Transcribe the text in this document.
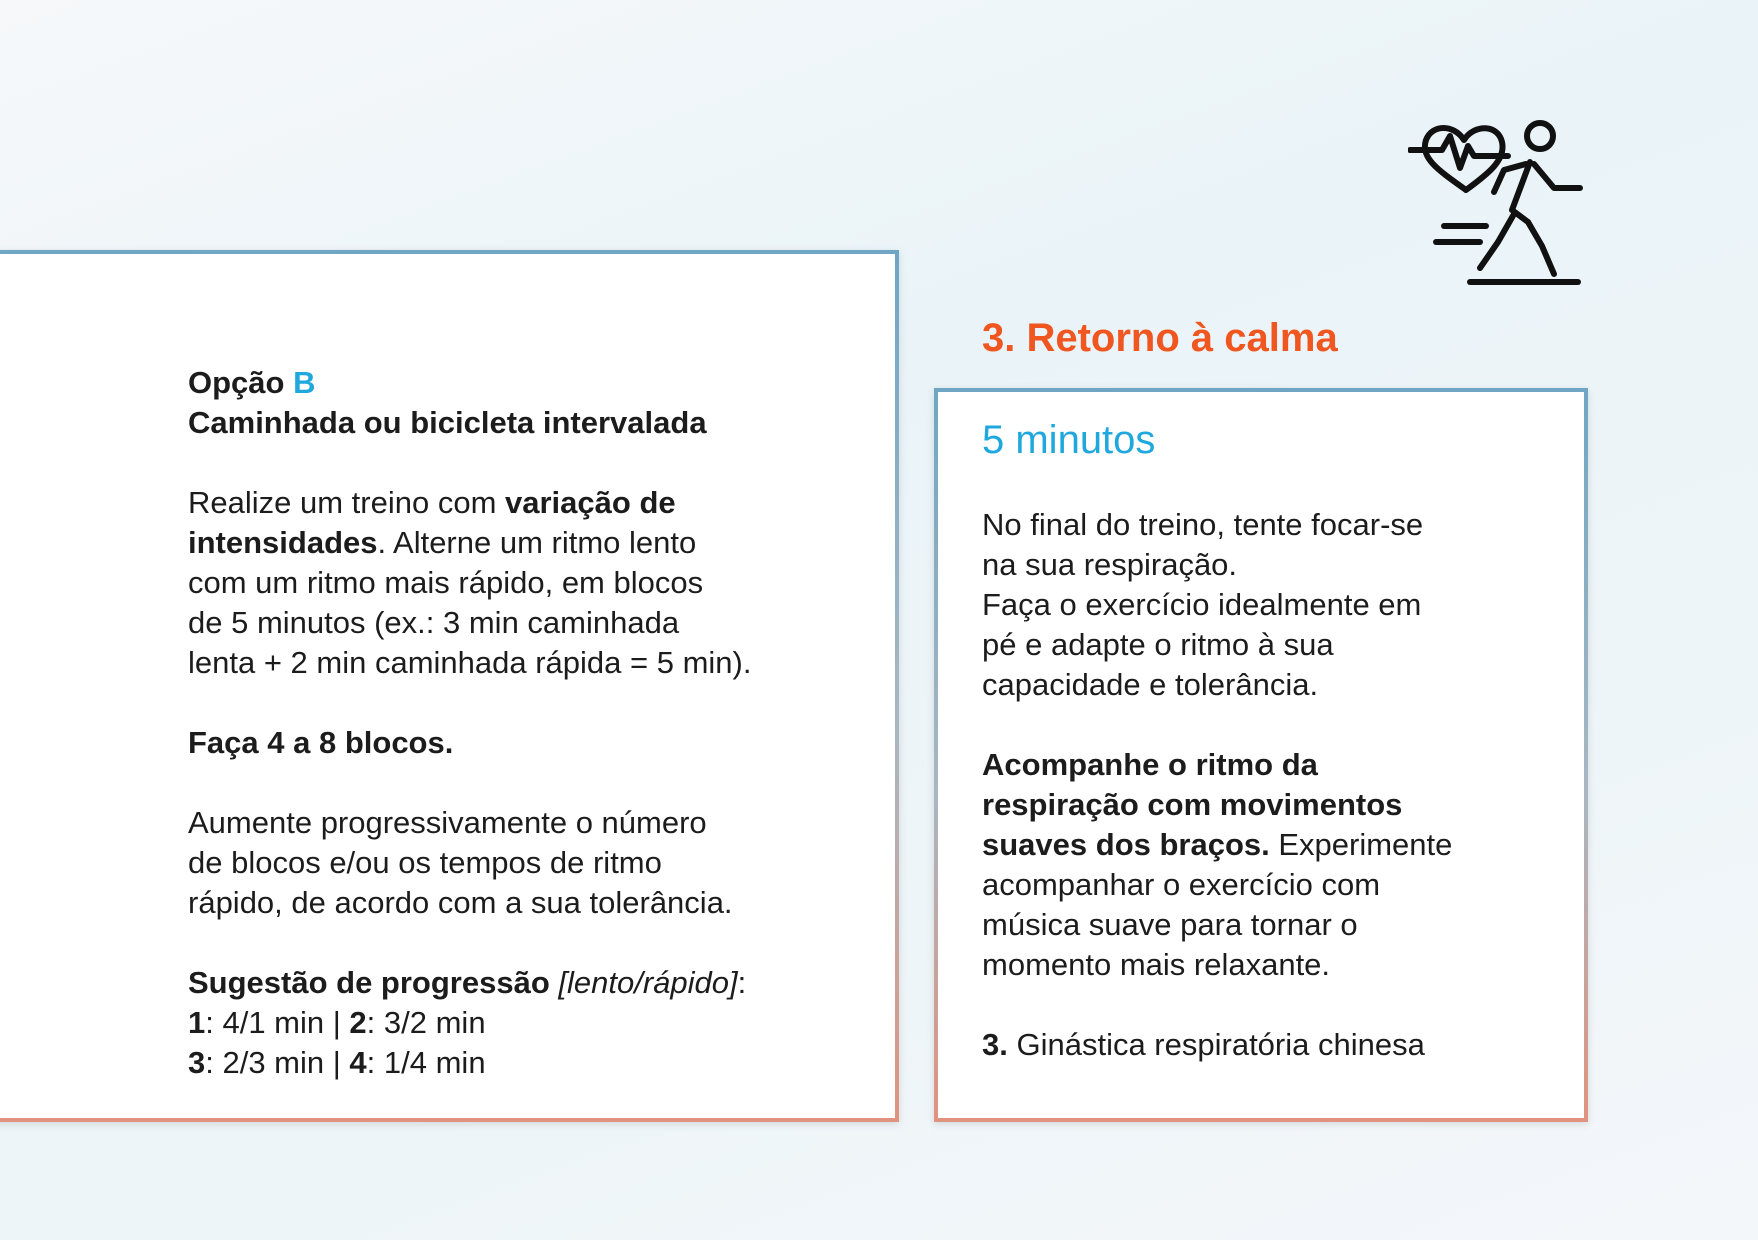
Opção B
Caminhada ou bicicleta intervalada
Realize um treino com variação de
intensidades. Alterne um ritmo lento
com um ritmo mais rápido, em blocos
de 5 minutos (ex.: 3 min caminhada
lenta + 2 min caminhada rápida = 5 min).
Faça 4 a 8 blocos.
Aumente progressivamente o número
de blocos e/ou os tempos de ritmo
rápido, de acordo com a sua tolerância.
Sugestão de progressão [lento/rápido]:
1: 4/1 min | 2: 3/2 min
3: 2/3 min | 4: 1/4 min
3. Retorno à calma
5 minutos
No final do treino, tente focar-se
na sua respiração.
Faça o exercício idealmente em
pé e adapte o ritmo à sua
capacidade e tolerância.
Acompanhe o ritmo da
respiração com movimentos
suaves dos braços. Experimente
acompanhar o exercício com
música suave para tornar o
momento mais relaxante.
3. Ginástica respiratória chinesa
